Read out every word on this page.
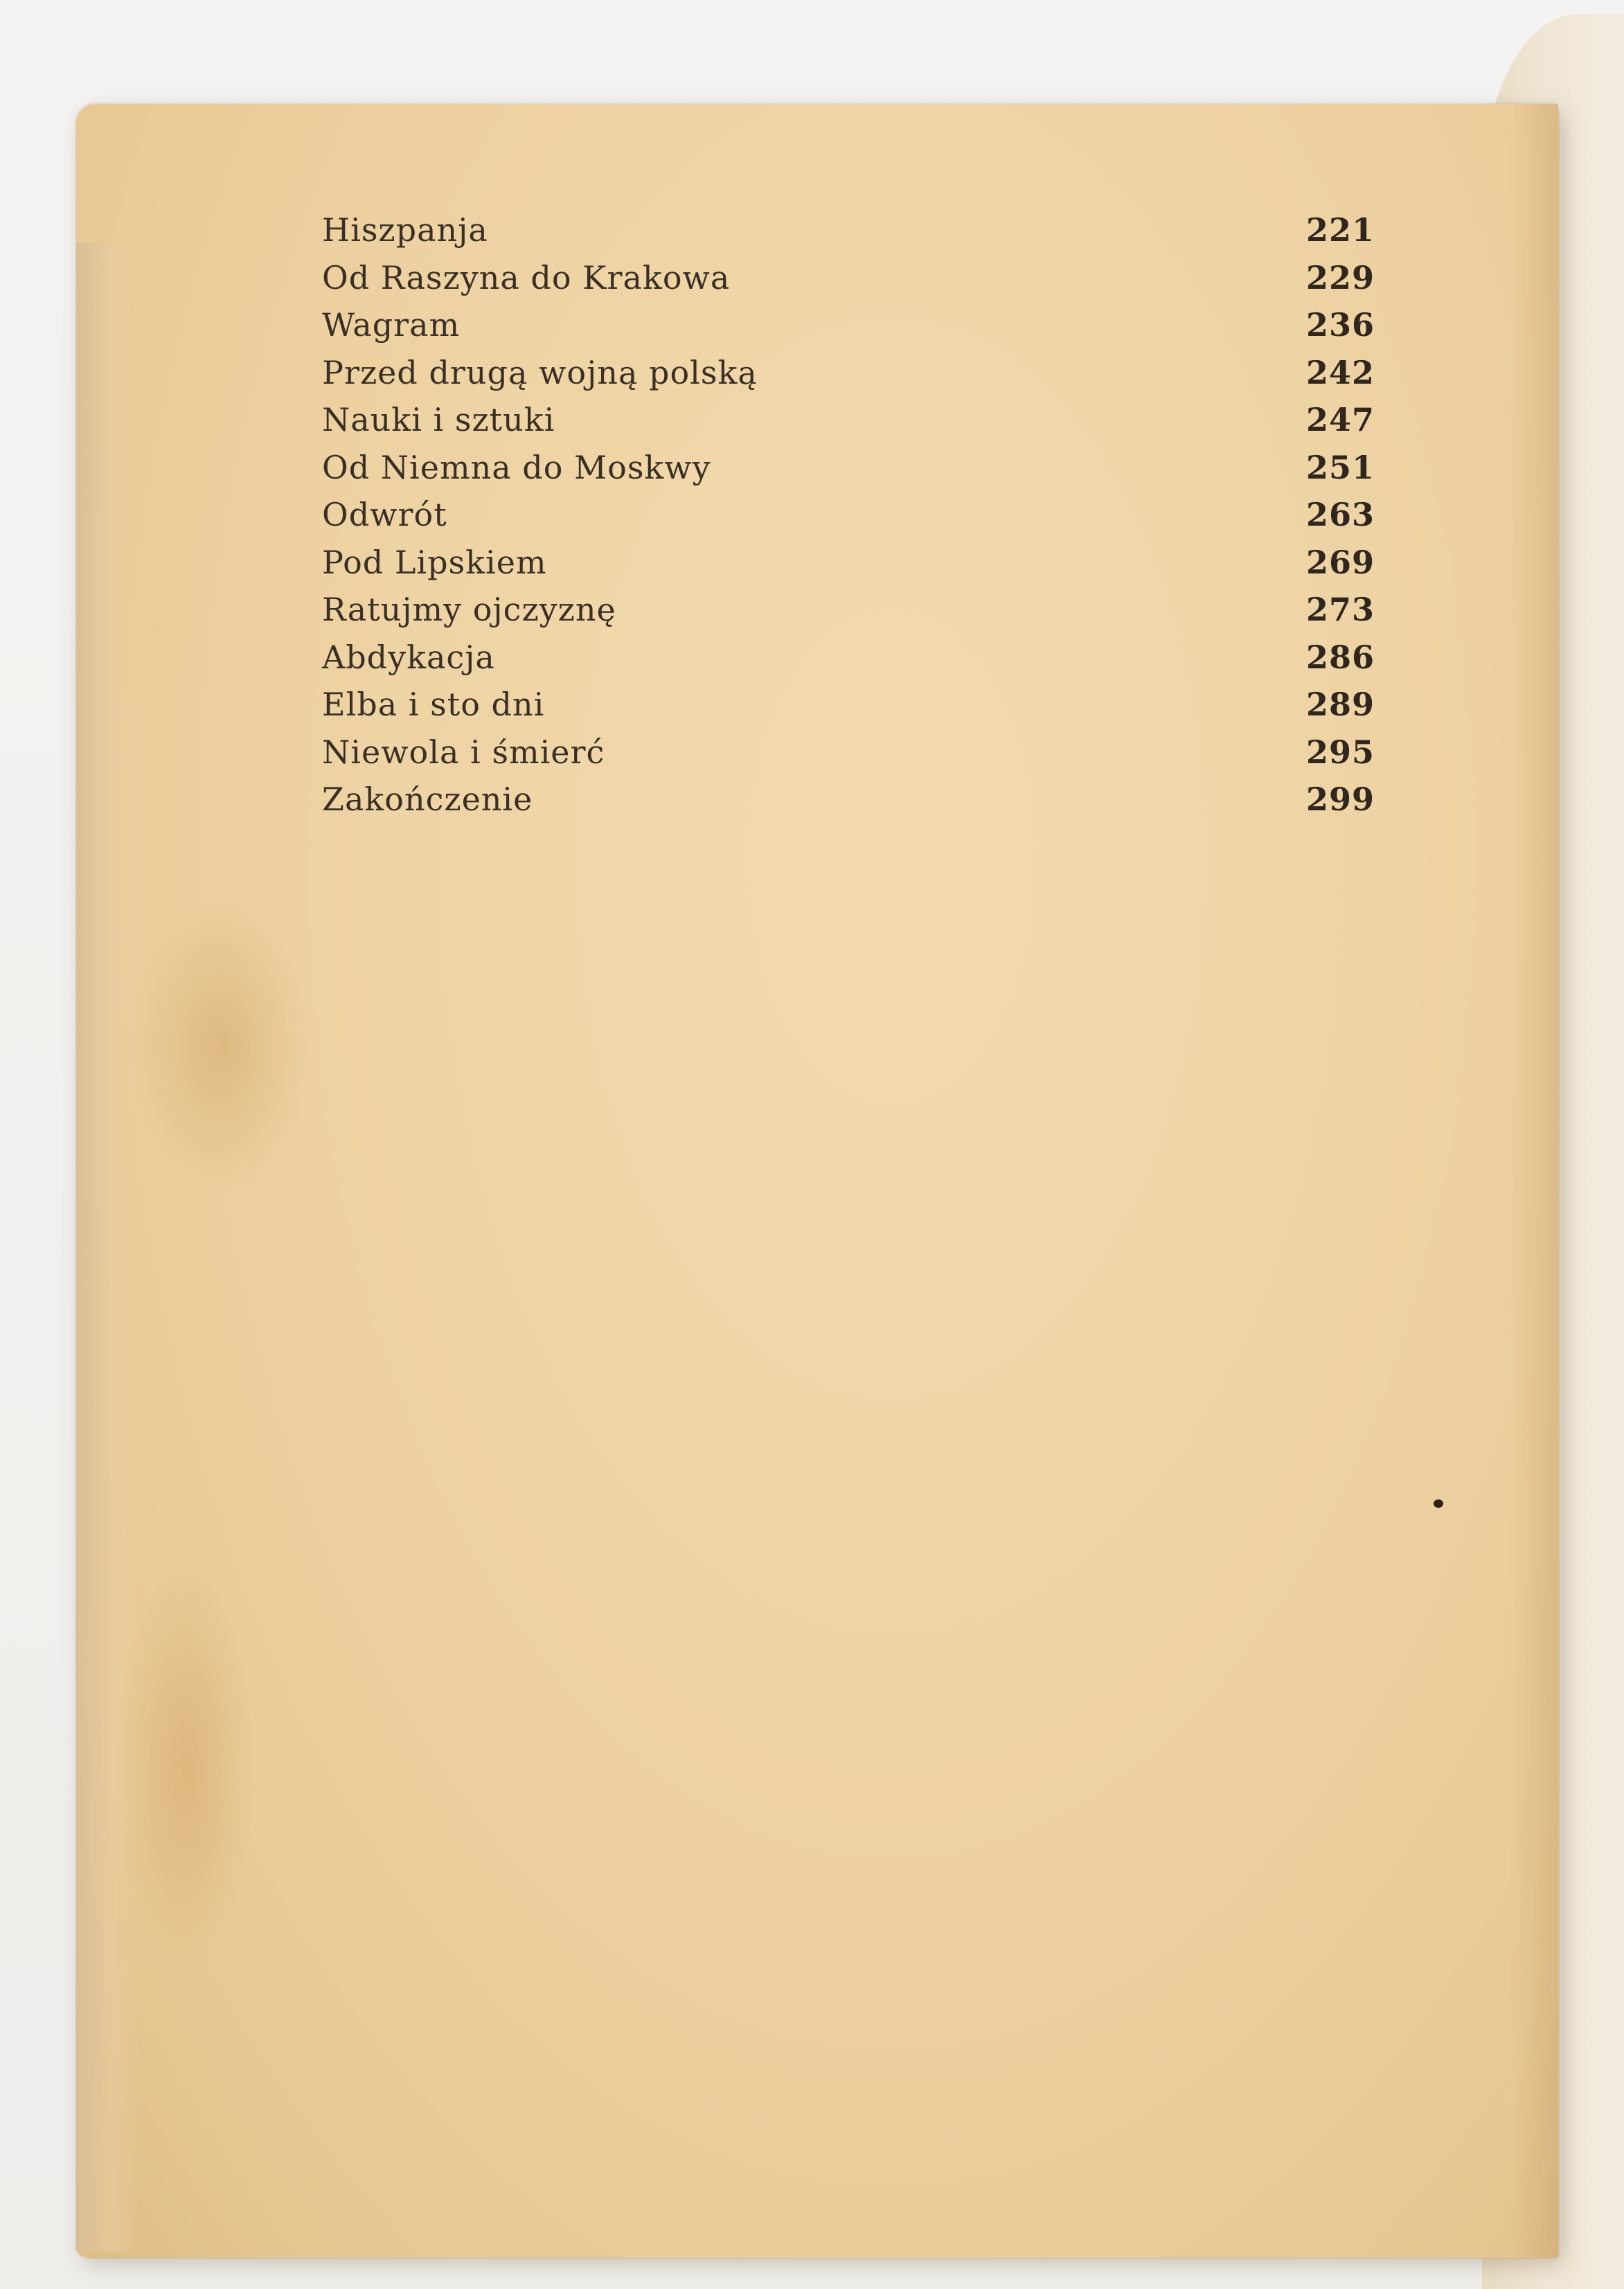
Hiszpanja	221
Od Raszyna do Krakowa	229
Wagram	236
Przed drugą wojną polską	242
Nauki i sztuki	247
Od Niemna do Moskwy	251
Odwrót	263
Pod Lipskiem	269
Ratujmy ojczyznę	273
Abdykacja	286
Elba i sto dni	289
Niewola i śmierć	295
Zakończenie	299
